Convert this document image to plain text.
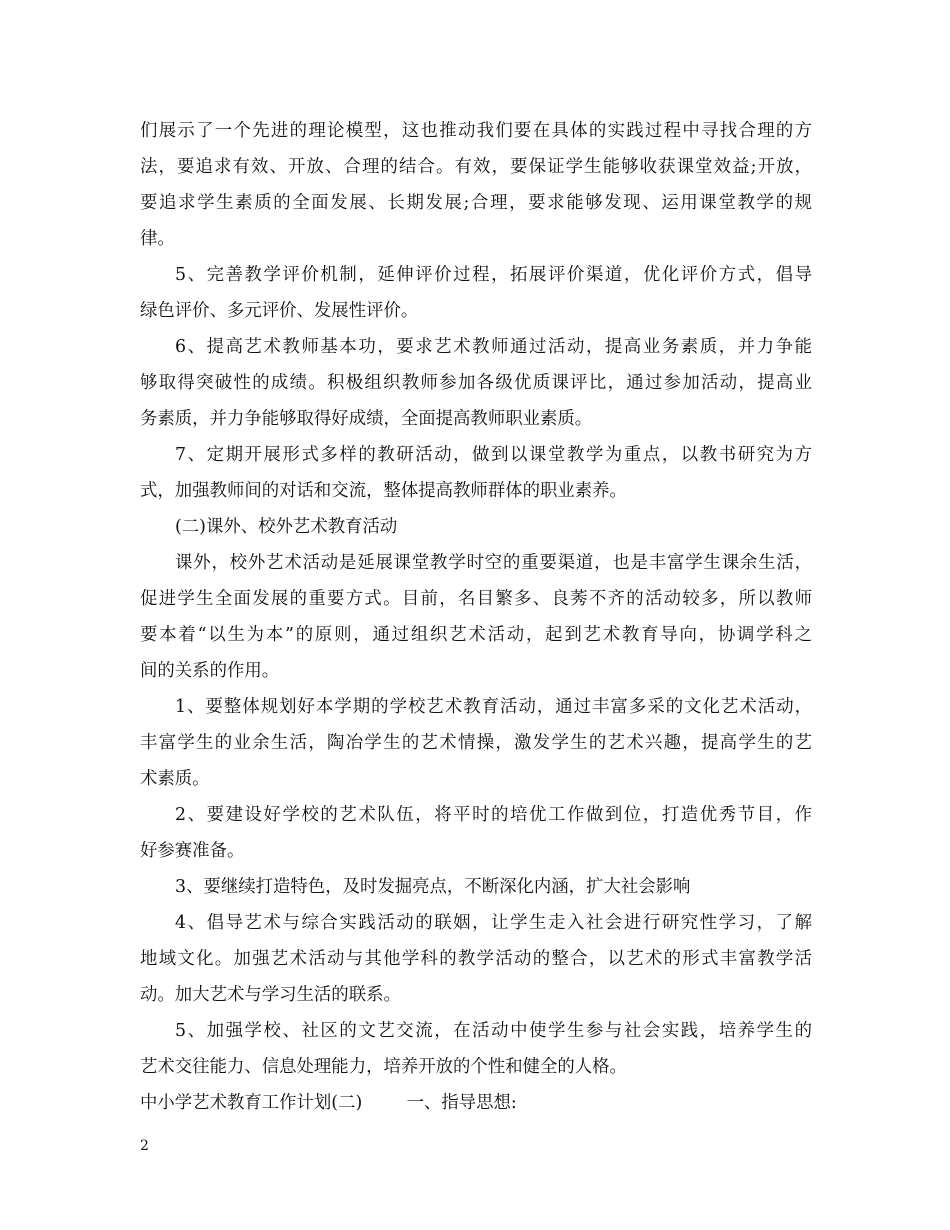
们展示了一个先进的理论模型，这也推动我们要在具体的实践过程中寻找合理的方
法，要追求有效、开放、合理的结合。有效，要保证学生能够收获课堂效益;开放，
要追求学生素质的全面发展、长期发展;合理，要求能够发现、运用课堂教学的规
律。
5、完善教学评价机制，延伸评价过程，拓展评价渠道，优化评价方式，倡导
绿色评价、多元评价、发展性评价。
6、提高艺术教师基本功，要求艺术教师通过活动，提高业务素质，并力争能
够取得突破性的成绩。积极组织教师参加各级优质课评比，通过参加活动，提高业
务素质，并力争能够取得好成绩，全面提高教师职业素质。
7、定期开展形式多样的教研活动，做到以课堂教学为重点，以教书研究为方
式，加强教师间的对话和交流，整体提高教师群体的职业素养。
(二)课外、校外艺术教育活动
课外，校外艺术活动是延展课堂教学时空的重要渠道，也是丰富学生课余生活，
促进学生全面发展的重要方式。目前，名目繁多、良莠不齐的活动较多，所以教师
要本着“以生为本”的原则，通过组织艺术活动，起到艺术教育导向，协调学科之
间的关系的作用。
1、要整体规划好本学期的学校艺术教育活动，通过丰富多采的文化艺术活动，
丰富学生的业余生活，陶冶学生的艺术情操，激发学生的艺术兴趣，提高学生的艺
术素质。
2、要建设好学校的艺术队伍，将平时的培优工作做到位，打造优秀节目，作
好参赛准备。
3、要继续打造特色，及时发掘亮点，不断深化内涵，扩大社会影响
4、倡导艺术与综合实践活动的联姻，让学生走入社会进行研究性学习，了解
地域文化。加强艺术活动与其他学科的教学活动的整合，以艺术的形式丰富教学活
动。加大艺术与学习生活的联系。
5、加强学校、社区的文艺交流，在活动中使学生参与社会实践，培养学生的
艺术交往能力、信息处理能力，培养开放的个性和健全的人格。
中小学艺术教育工作计划(二)	一、指导思想:
2
